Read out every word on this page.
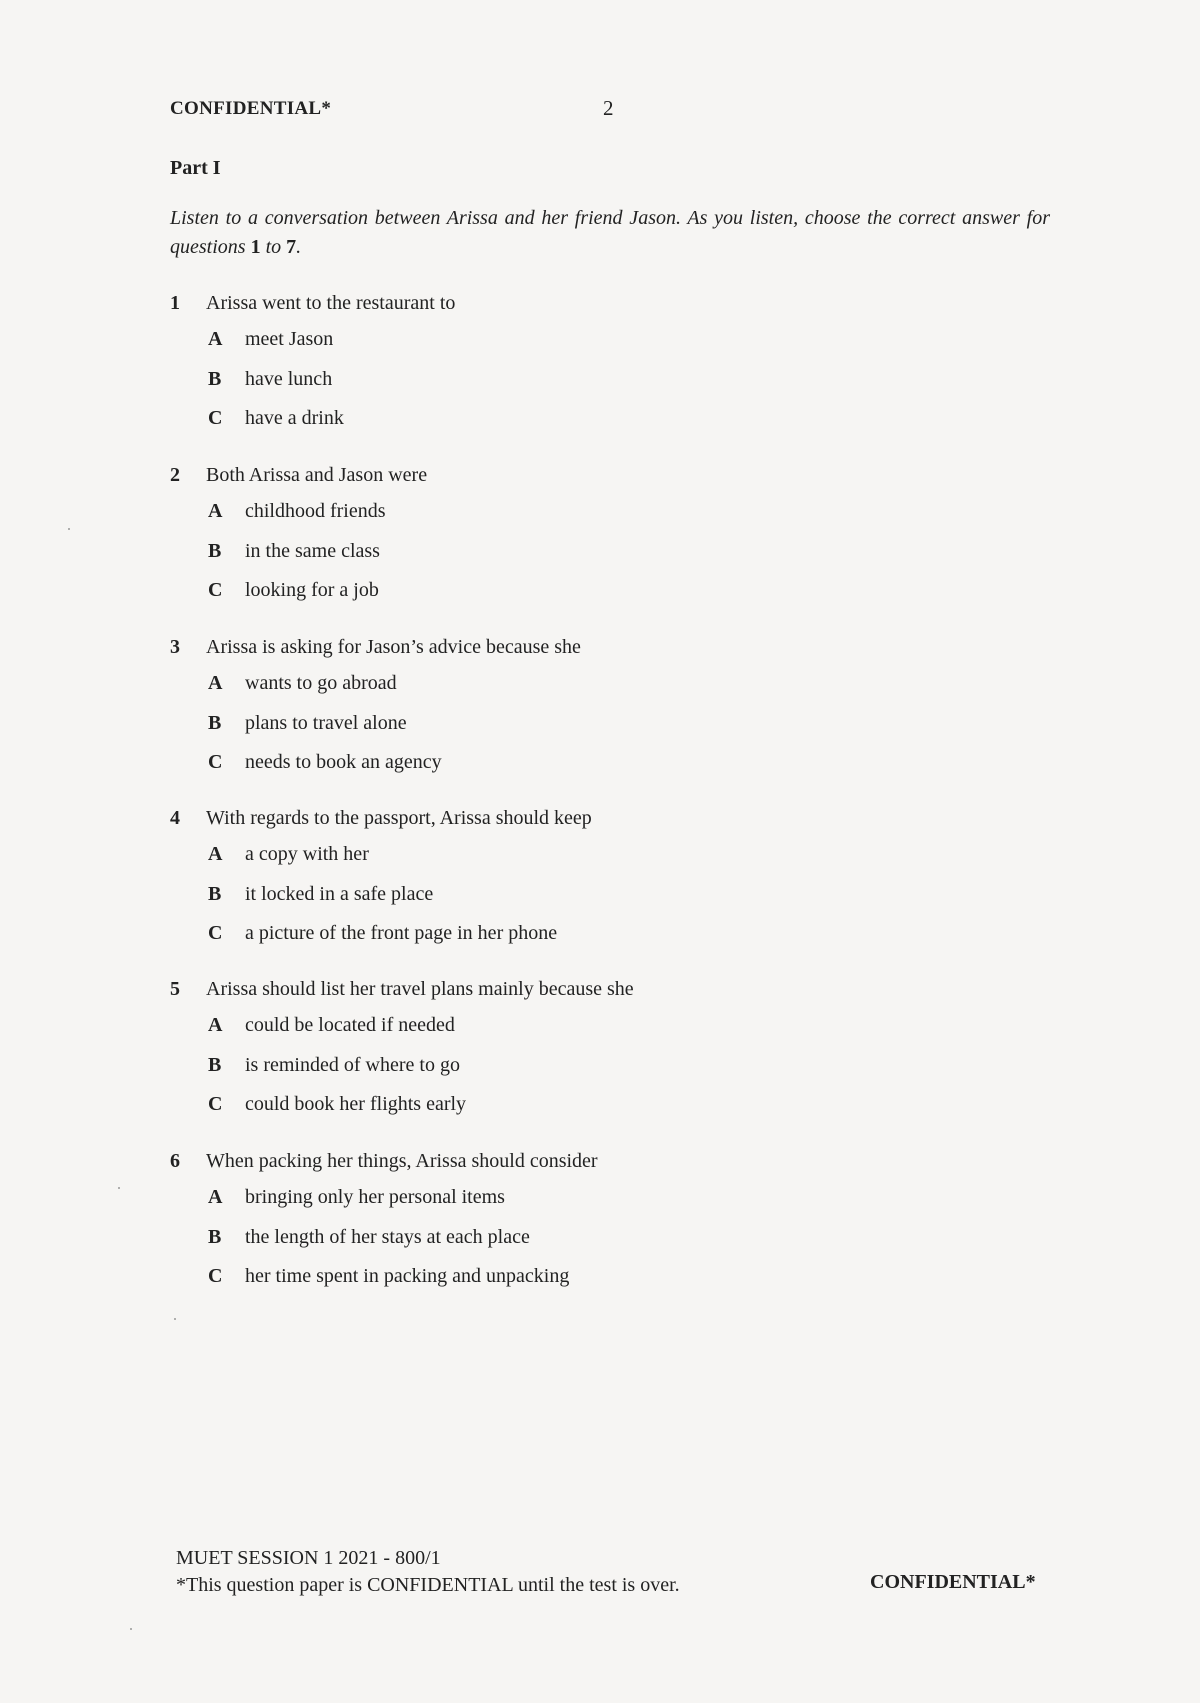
CONFIDENTIAL*	2
Part I
Listen to a conversation between Arissa and her friend Jason. As you listen, choose the correct answer for questions 1 to 7.
1 Arissa went to the restaurant to
A meet Jason
B have lunch
C have a drink
2 Both Arissa and Jason were
A childhood friends
B in the same class
C looking for a job
3 Arissa is asking for Jason’s advice because she
A wants to go abroad
B plans to travel alone
C needs to book an agency
4 With regards to the passport, Arissa should keep
A a copy with her
B it locked in a safe place
C a picture of the front page in her phone
5 Arissa should list her travel plans mainly because she
A could be located if needed
B is reminded of where to go
C could book her flights early
6 When packing her things, Arissa should consider
A bringing only her personal items
B the length of her stays at each place
C her time spent in packing and unpacking
MUET SESSION 1 2021 - 800/1
*This question paper is CONFIDENTIAL until the test is over.	CONFIDENTIAL*
